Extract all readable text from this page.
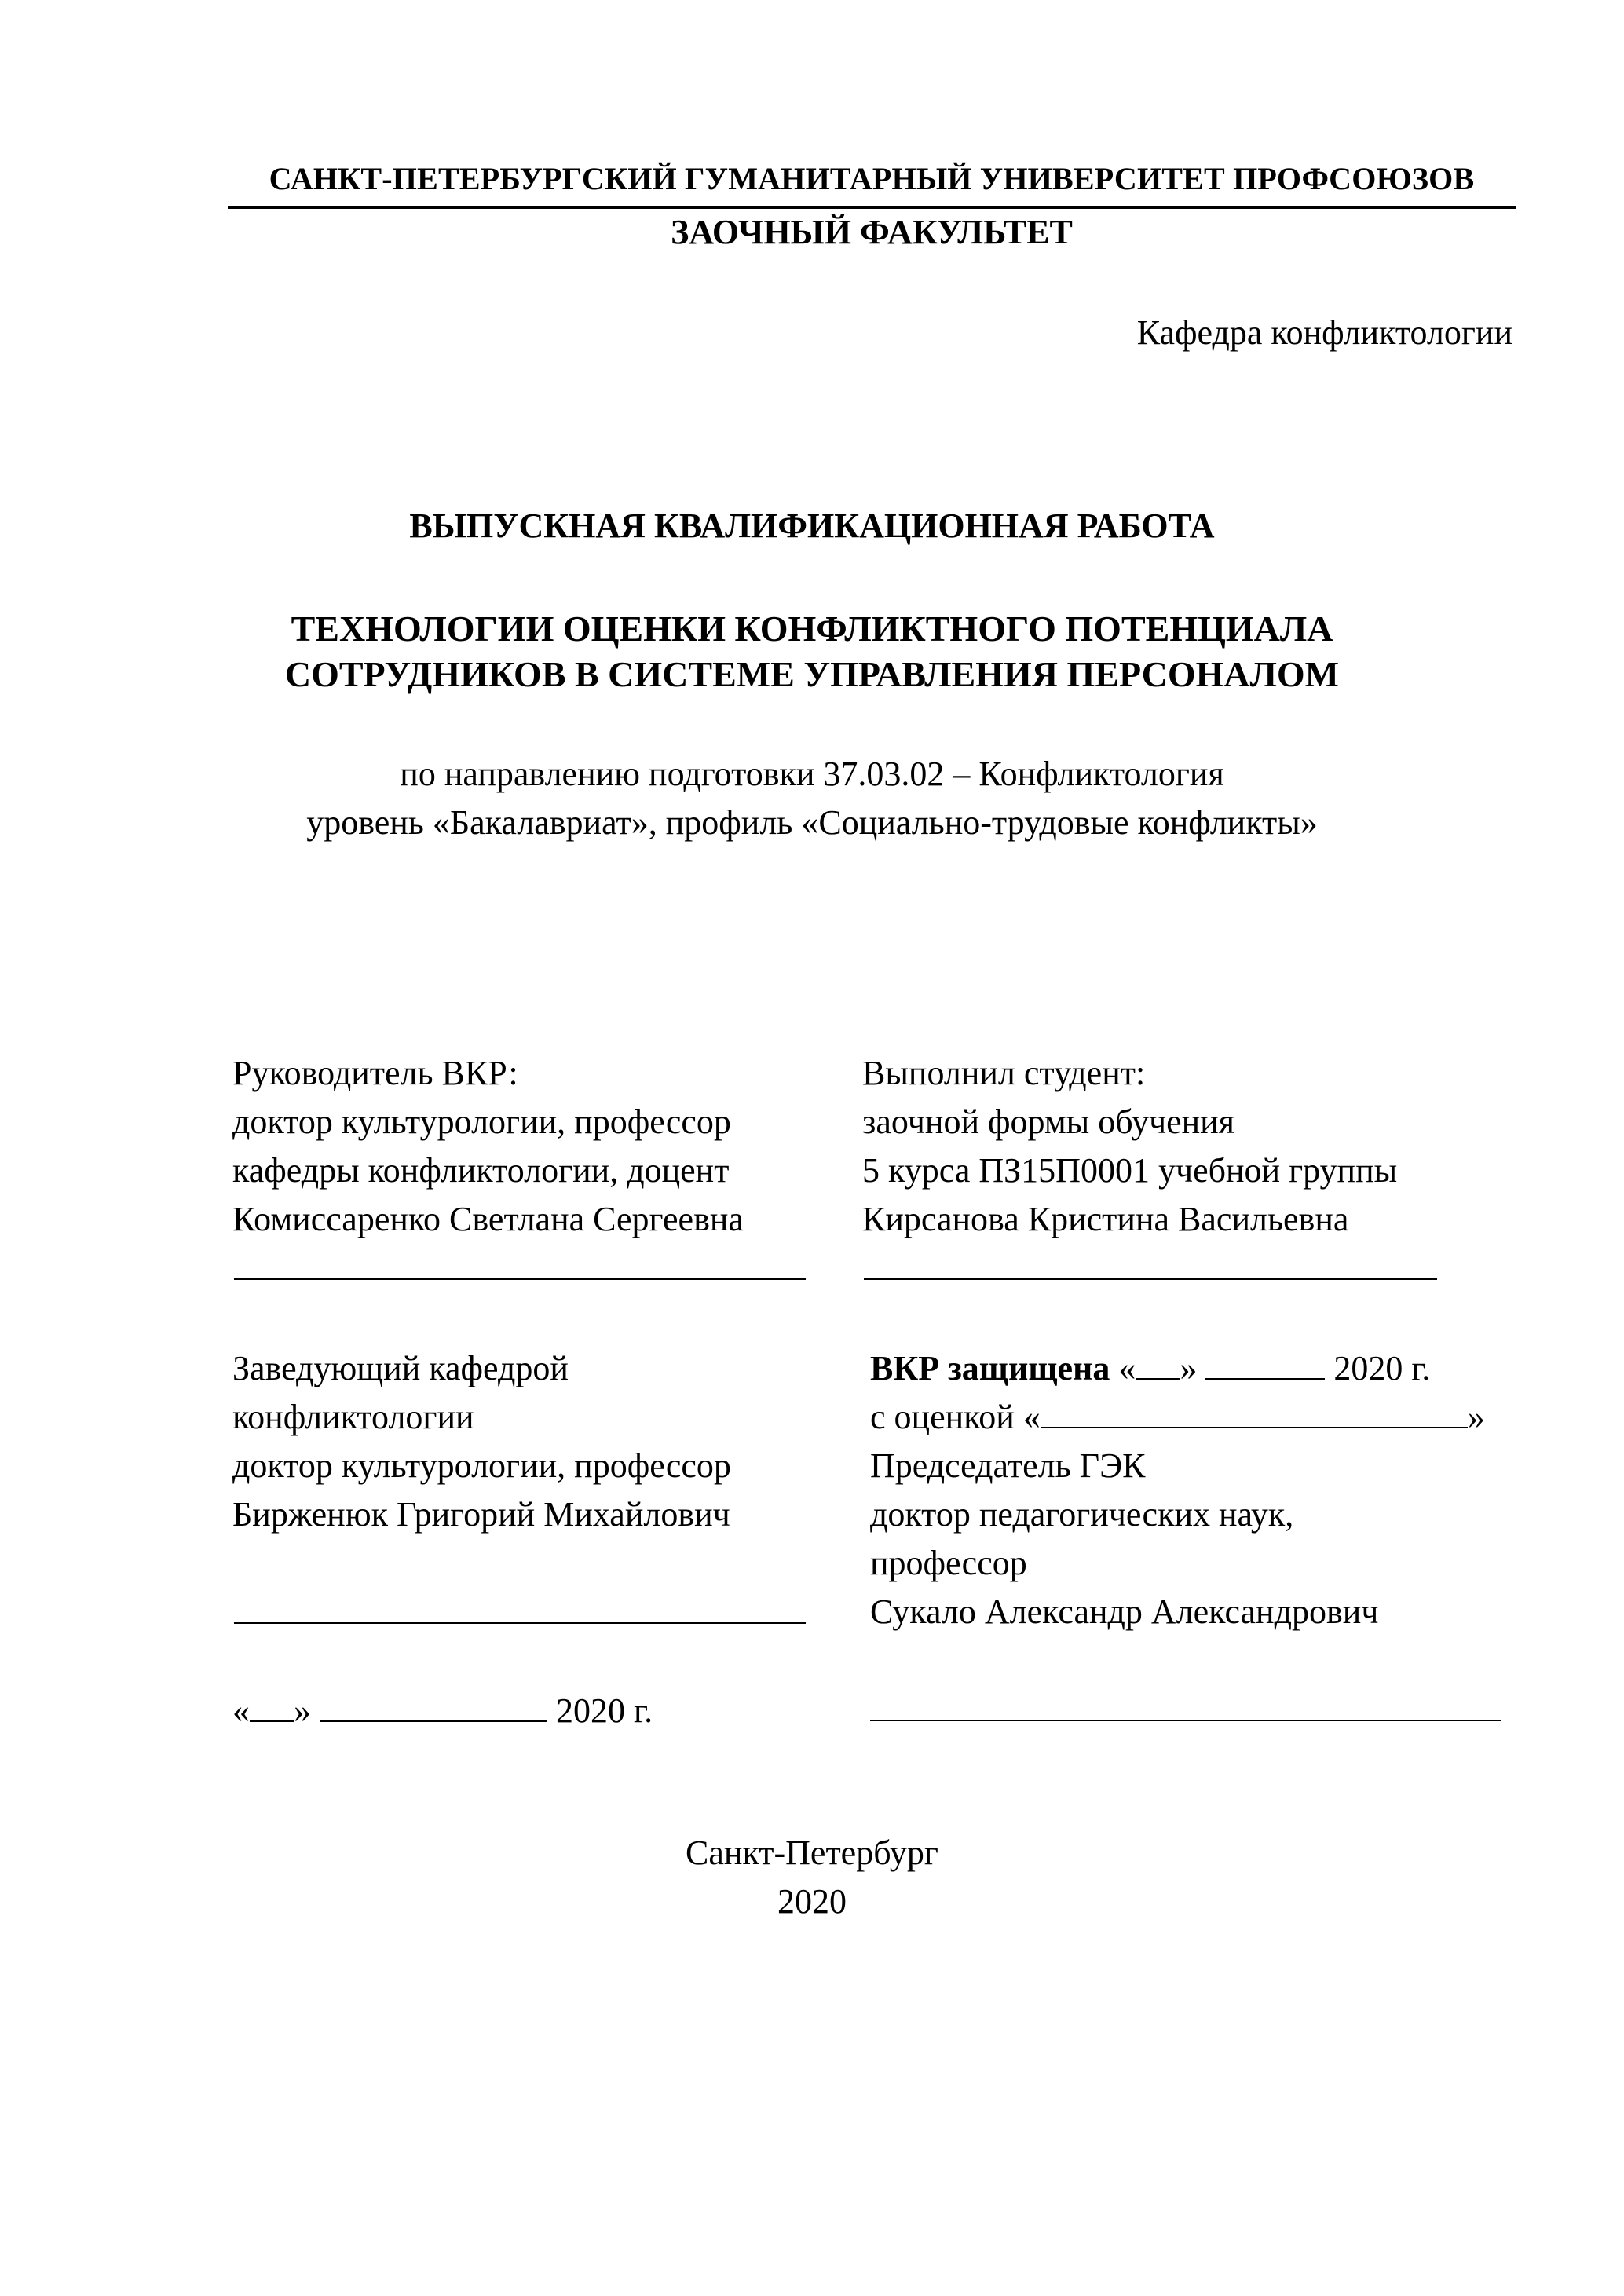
САНКТ-ПЕТЕРБУРГСКИЙ ГУМАНИТАРНЫЙ УНИВЕРСИТЕТ ПРОФСОЮЗОВ
ЗАОЧНЫЙ ФАКУЛЬТЕТ
Кафедра конфликтологии
ВЫПУСКНАЯ КВАЛИФИКАЦИОННАЯ РАБОТА
ТЕХНОЛОГИИ ОЦЕНКИ КОНФЛИКТНОГО ПОТЕНЦИАЛА
СОТРУДНИКОВ В СИСТЕМЕ УПРАВЛЕНИЯ ПЕРСОНАЛОМ
по направлению подготовки 37.03.02 – Конфликтология
уровень «Бакалавриат», профиль «Социально-трудовые конфликты»
Руководитель ВКР:
доктор культурологии, профессор
кафедры конфликтологии, доцент
Комиссаренко Светлана Сергеевна
Выполнил студент:
заочной формы обучения
5 курса ПЗ15П0001 учебной группы
Кирсанова Кристина Васильевна
Заведующий кафедрой
конфликтологии
доктор культурологии, профессор
Бирженюк Григорий Михайлович
ВКР защищена « »	2020 г.
с оценкой «	»
Председатель ГЭК
доктор педагогических наук,
профессор
Сукало Александр Александрович
« »	2020 г.
Санкт-Петербург
2020
